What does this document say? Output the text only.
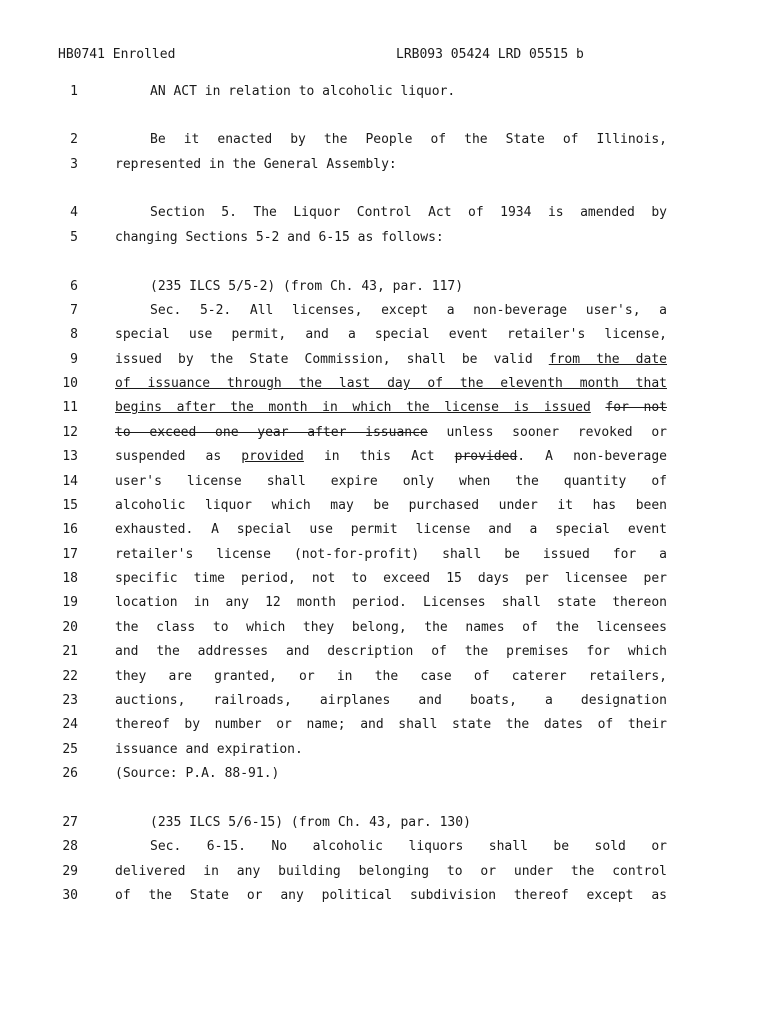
HB0741 Enrolled	LRB093 05424 LRD 05515 b
1	AN ACT in relation to alcoholic liquor.
2	Be it enacted by the People of the State of Illinois,
3	represented in the General Assembly:
4	Section 5. The Liquor Control Act of 1934 is amended by
5	changing Sections 5-2 and 6-15 as follows:
6	(235 ILCS 5/5-2) (from Ch. 43, par. 117)
7	Sec. 5-2. All licenses, except a non-beverage user's, a
8	special use permit, and a special event retailer's license,
9	issued by the State Commission, shall be valid from the date
10	of issuance through the last day of the eleventh month that
11	begins after the month in which the license is issued for not
12	to exceed one year after issuance unless sooner revoked or
13	suspended as provided in this Act provided. A non-beverage
14	user's license shall expire only when the quantity of
15	alcoholic liquor which may be purchased under it has been
16	exhausted. A special use permit license and a special event
17	retailer's license (not-for-profit) shall be issued for a
18	specific time period, not to exceed 15 days per licensee per
19	location in any 12 month period. Licenses shall state thereon
20	the class to which they belong, the names of the licensees
21	and the addresses and description of the premises for which
22	they are granted, or in the case of caterer retailers,
23	auctions, railroads, airplanes and boats, a designation
24	thereof by number or name; and shall state the dates of their
25	issuance and expiration.
26	(Source: P.A. 88-91.)
27	(235 ILCS 5/6-15) (from Ch. 43, par. 130)
28	Sec. 6-15. No alcoholic liquors shall be sold or
29	delivered in any building belonging to or under the control
30	of the State or any political subdivision thereof except as
